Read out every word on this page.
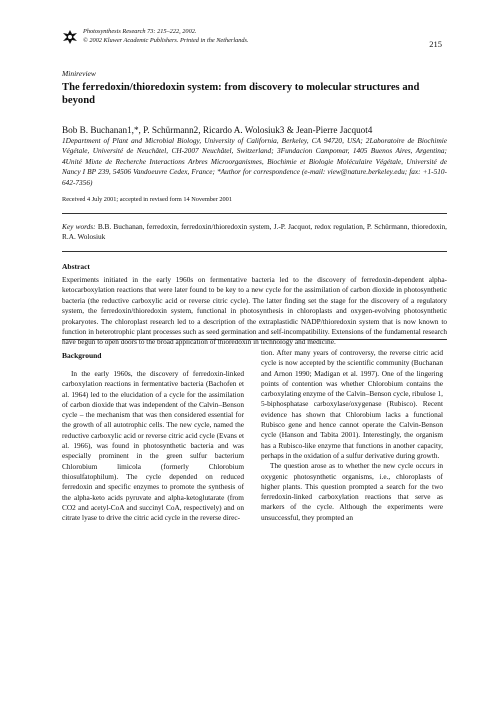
Photosynthesis Research 73: 215–222, 2002.
© 2002 Kluwer Academic Publishers. Printed in the Netherlands.	215
Minireview
The ferredoxin/thioredoxin system: from discovery to molecular structures and beyond
Bob B. Buchanan1,*, P. Schürmann2, Ricardo A. Wolosiuk3 & Jean-Pierre Jacquot4
1Department of Plant and Microbial Biology, University of California, Berkeley, CA 94720, USA; 2Laboratoire de Biochimie Végétale, Université de Neuchâtel, CH-2007 Neuchâtel, Switzerland; 3Fundacion Campomar, 1405 Buenos Aires, Argentina; 4Unité Mixte de Recherche Interactions Arbres Microorganismes, Biochimie et Biologie Moléculaire Végétale, Université de Nancy I BP 239, 54506 Vandoeuvre Cedex, France; *Author for correspondence (e-mail: view@nature.berkeley.edu; fax: +1-510-642-7356)
Received 4 July 2001; accepted in revised form 14 November 2001
Key words: B.B. Buchanan, ferredoxin, ferredoxin/thioredoxin system, J.-P. Jacquot, redox regulation, P. Schürmann, thioredoxin, R.A. Wolosiuk
Abstract

Experiments initiated in the early 1960s on fermentative bacteria led to the discovery of ferredoxin-dependent alpha-ketocarboxylation reactions that were later found to be key to a new cycle for the assimilation of carbon dioxide in photosynthetic bacteria (the reductive carboxylic acid or reverse citric cycle). The latter finding set the stage for the discovery of a regulatory system, the ferredoxin/thioredoxin system, functional in photosynthesis in chloroplasts and oxygen-evolving photosynthetic prokaryotes. The chloroplast research led to a description of the extraplastidic NADP/thioredoxin system that is now known to function in heterotrophic plant processes such as seed germination and self-incompatibility. Extensions of the fundamental research have begun to open doors to the broad application of thioredoxin in technology and medicine.

Background

In the early 1960s, the discovery of ferredoxin-linked carboxylation reactions in fermentative bacteria (Bachofen et al. 1964) led to the elucidation of a cycle for the assimilation of carbon dioxide that was independent of the Calvin–Benson cycle – the mechanism that was then considered essential for the growth of all autotrophic cells. The new cycle, named the reductive carboxylic acid or reverse citric acid cycle (Evans et al. 1966), was found in photosynthetic bacteria and was especially prominent in the green sulfur bacterium Chlorobium limicola (formerly Chlorobium thiosulfatophilum). The cycle depended on reduced ferredoxin and specific enzymes to promote the synthesis of the alpha-keto acids pyruvate and alpha-ketoglutarate (from CO2 and acetyl-CoA and succinyl CoA, respectively) and on citrate lyase to drive the citric acid cycle in the reverse direc-

tion. After many years of controversy, the reverse citric acid cycle is now accepted by the scientific community (Buchanan and Arnon 1990; Madigan et al. 1997). One of the lingering points of contention was whether Chlorobium contains the carboxylating enzyme of the Calvin–Benson cycle, ribulose 1, 5-biphosphatase carboxylase/oxygenase (Rubisco). Recent evidence has shown that Chlorobium lacks a functional Rubisco gene and hence cannot operate the Calvin-Benson cycle (Hanson and Tabita 2001). Interestingly, the organism has a Rubisco-like enzyme that functions in another capacity, perhaps in the oxidation of a sulfur derivative during growth.

The question arose as to whether the new cycle occurs in oxygenic photosynthetic organisms, i.e., chloroplasts of higher plants. This question prompted a search for the two ferredoxin-linked carboxylation reactions that serve as markers of the cycle. Although the experiments were unsuccessful, they prompted an
